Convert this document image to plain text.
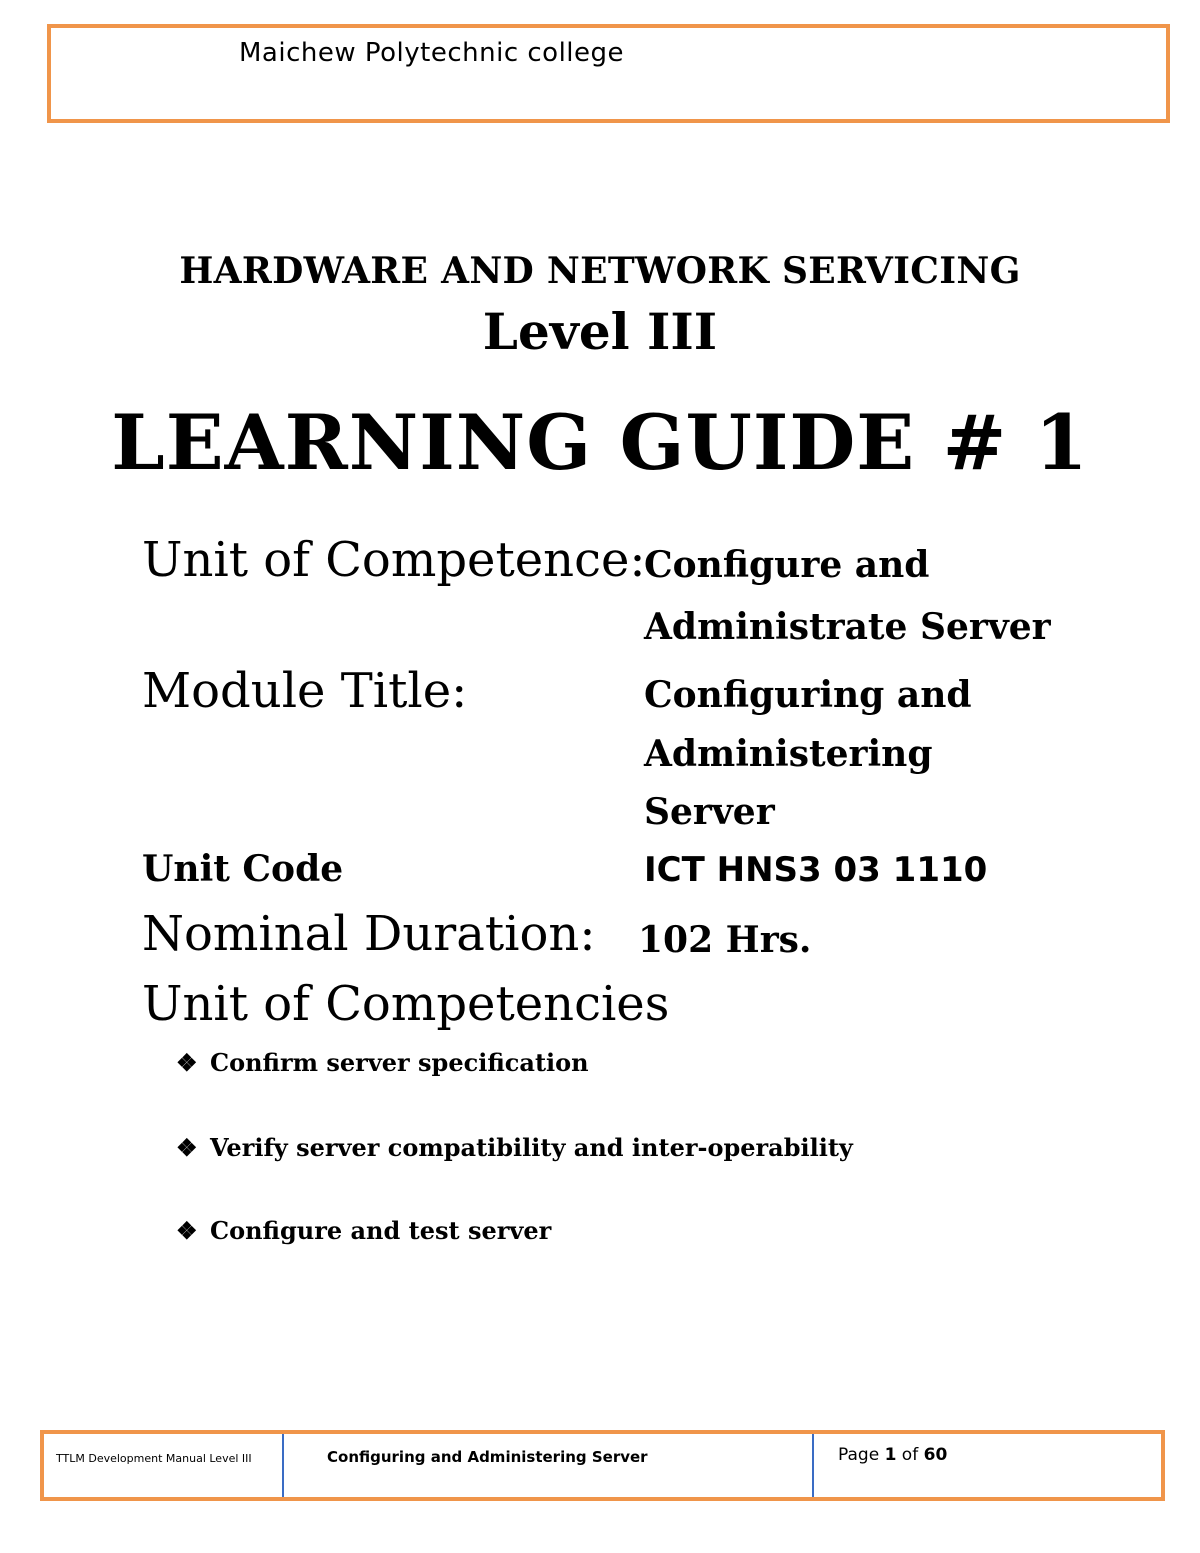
Maichew Polytechnic college
HARDWARE AND NETWORK SERVICING
Level III
LEARNING GUIDE # 1
Unit of Competence:
Configure and
Administrate Server
Module Title:	Configuring and
Administering
Server
Unit Code	ICT HNS3 03 1110
Nominal Duration: 102 Hrs.
Unit of Competencies
❖ Confirm server specification
❖ Verify server compatibility and inter-operability
❖ Configure and test server
TTLM Development Manual Level III	Configuring and Administering Server	Page 1 of 60
